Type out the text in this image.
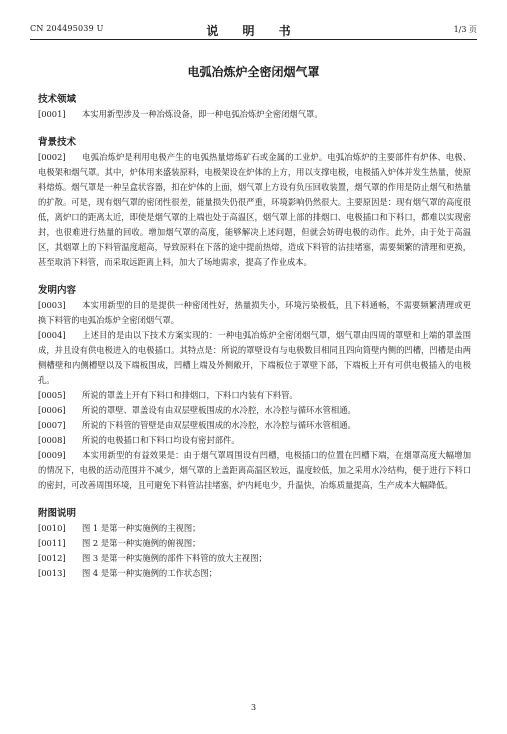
CN 204495039 U	说 明 书	1/3 页
电弧冶炼炉全密闭烟气罩

技术领域

[0001] 本实用新型涉及一种冶炼设备，即一种电弧冶炼炉全密闭烟气罩。

背景技术

[0002] 电弧冶炼炉是利用电极产生的电弧热量熔炼矿石或金属的工业炉。电弧冶炼炉的主要部件有炉体、电极、电极架和烟气罩。其中，炉体用来盛装原料，电极架设在炉体的上方，用以支撑电极，电极插入炉体并发生热量，使原料熔炼。烟气罩是一种呈盒状容器，扣在炉体的上面，烟气罩上方设有负压回收装置，烟气罩的作用是防止烟气和热量的扩散。可是，现有烟气罩的密闭性很差，能量损失仍很严重，环境影响仍然很大。主要原因是：现有烟气罩的高度很低，离炉口的距离太近，即使是烟气罩的上端也处于高温区，烟气罩上部的排烟口、电极插口和下料口，都难以实现密封，也很难进行热量的回收。增加烟气罩的高度，能够解决上述问题，但就会妨碍电极的动作。此外，由于处于高温区，其烟罩上的下料管温度超高，导致原料在下落的途中提前热熔，造成下料管的沾挂堵塞，需要频繁的清理和更换，甚至取消下料管，而采取远距离上料，加大了场地需求，提高了作业成本。

发明内容

[0003] 本实用新型的目的是提供一种密闭性好，热量损失小，环境污染极低，且下料通畅，不需要频繁清理或更换下料管的电弧冶炼炉全密闭烟气罩。

[0004] 上述目的是由以下技术方案实现的：一种电弧冶炼炉全密闭烟气罩，烟气罩由四周的罩壁和上端的罩盖围成，并且设有供电极进入的电极插口。其特点是：所说的罩壁设有与电极数目相同且四向筒壁内侧的凹槽，凹槽是由两侧槽壁和内侧槽壁以及下端板围成，凹槽上端及外侧敞开，下端板位于罩壁下部，下端板上开有可供电极插入的电极孔。

[0005] 所说的罩盖上开有下料口和排烟口，下料口内装有下料管。

[0006] 所说的罩壁、罩盖设有由双层壁板围成的水冷腔，水冷腔与循环水管相通。

[0007] 所说的下料管的管壁是由双层壁板围成的水冷腔，水冷腔与循环水管相通。

[0008] 所说的电极插口和下料口均设有密封部件。

[0009] 本实用新型的有益效果是：由于烟气罩周围设有凹槽，电极插口的位置在凹槽下端，在烟罩高度大幅增加的情况下，电极的活动范围并不减少，烟气罩的上盖距离高温区较远，温度较低，加之采用水冷结构，便于进行下料口的密封，可改善周围环境，且可避免下料管沾挂堵塞，炉内耗电少，升温快，冶炼质量提高，生产成本大幅降低。

附图说明

[0010] 图 1 是第一种实施例的主视图；

[0011] 图 2 是第一种实施例的俯视图；

[0012] 图 3 是第一种实施例的部件下料管的放大主视图；

[0013] 图 4 是第一种实施例的工作状态图；

3
